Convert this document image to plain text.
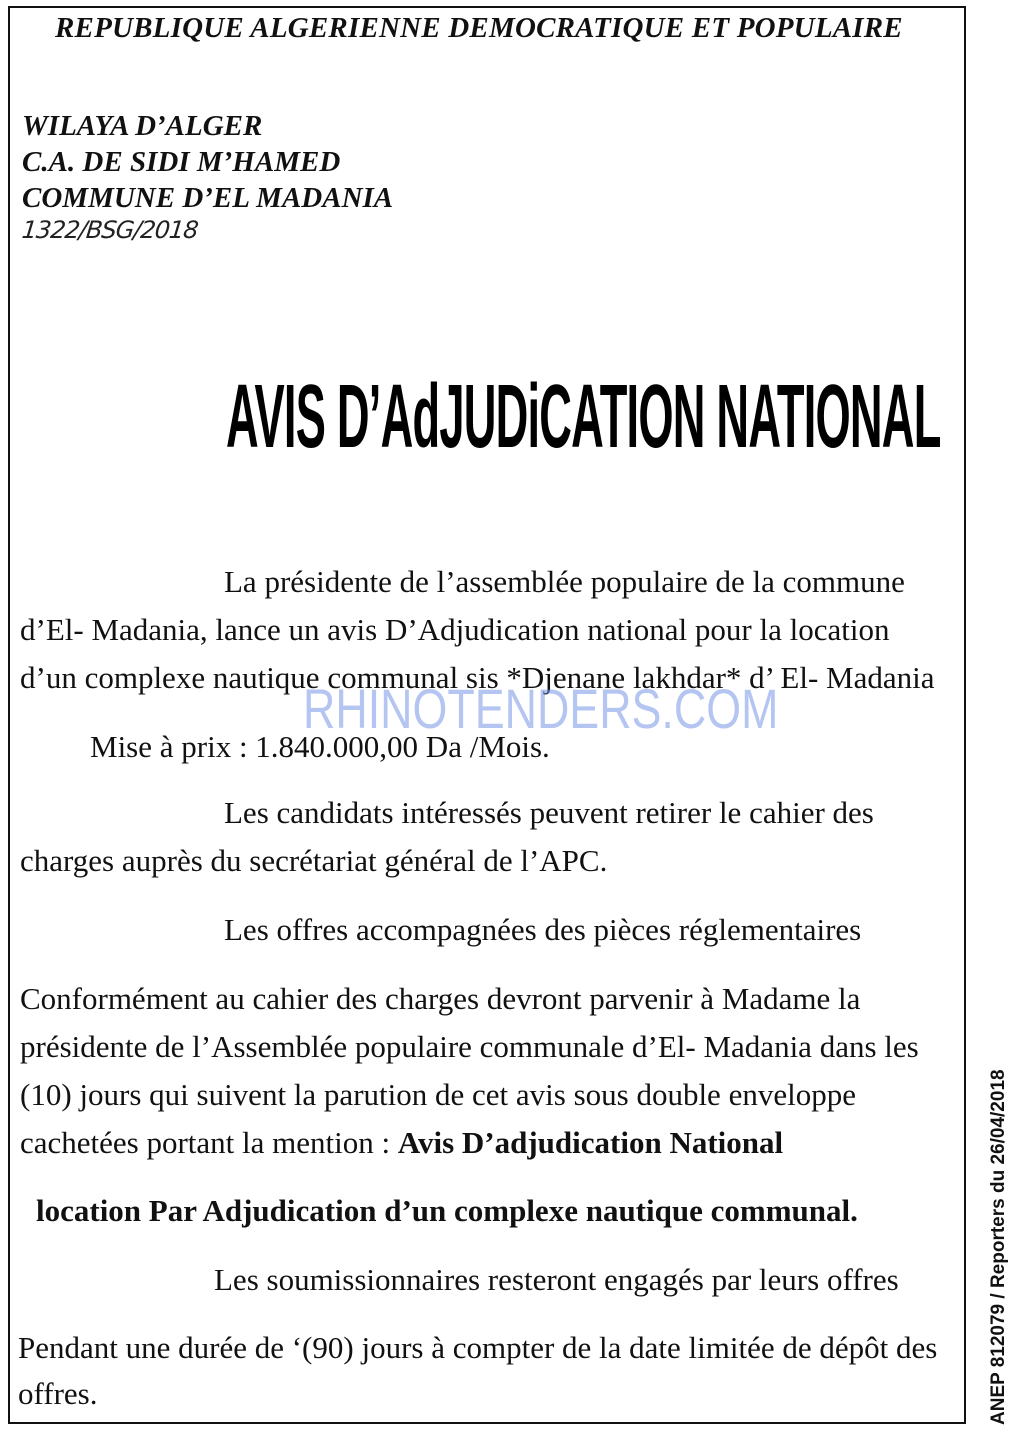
REPUBLIQUE ALGERIENNE DEMOCRATIQUE ET POPULAIRE
WILAYA D’ALGER
C.A. DE SIDI M’HAMED
COMMUNE D’EL MADANIA
1322/BSG/2018
AVIS D’AdJUDiCATION NATIONAL
La présidente de l’assemblée populaire de la commune
d’El- Madania, lance un avis D’Adjudication national pour la location
d’un complexe nautique communal sis *Djenane lakhdar* d’ El- Madania
Mise à prix : 1.840.000,00 Da /Mois.
Les candidats intéressés peuvent retirer le cahier des
charges auprès du secrétariat général de l’APC.
Les offres accompagnées des pièces réglementaires
Conformément au cahier des charges devront parvenir à Madame la
présidente de l’Assemblée populaire communale d’El- Madania dans les
(10) jours qui suivent la parution de cet avis sous double enveloppe
cachetées portant la mention : Avis D’adjudication National
location Par Adjudication d’un complexe nautique communal.
Les soumissionnaires resteront engagés par leurs offres
Pendant une durée de ‘(90) jours à compter de la date limitée de dépôt des
offres.
RHINOTENDERS.COM
ANEP 812079 / Reporters du 26/04/2018
